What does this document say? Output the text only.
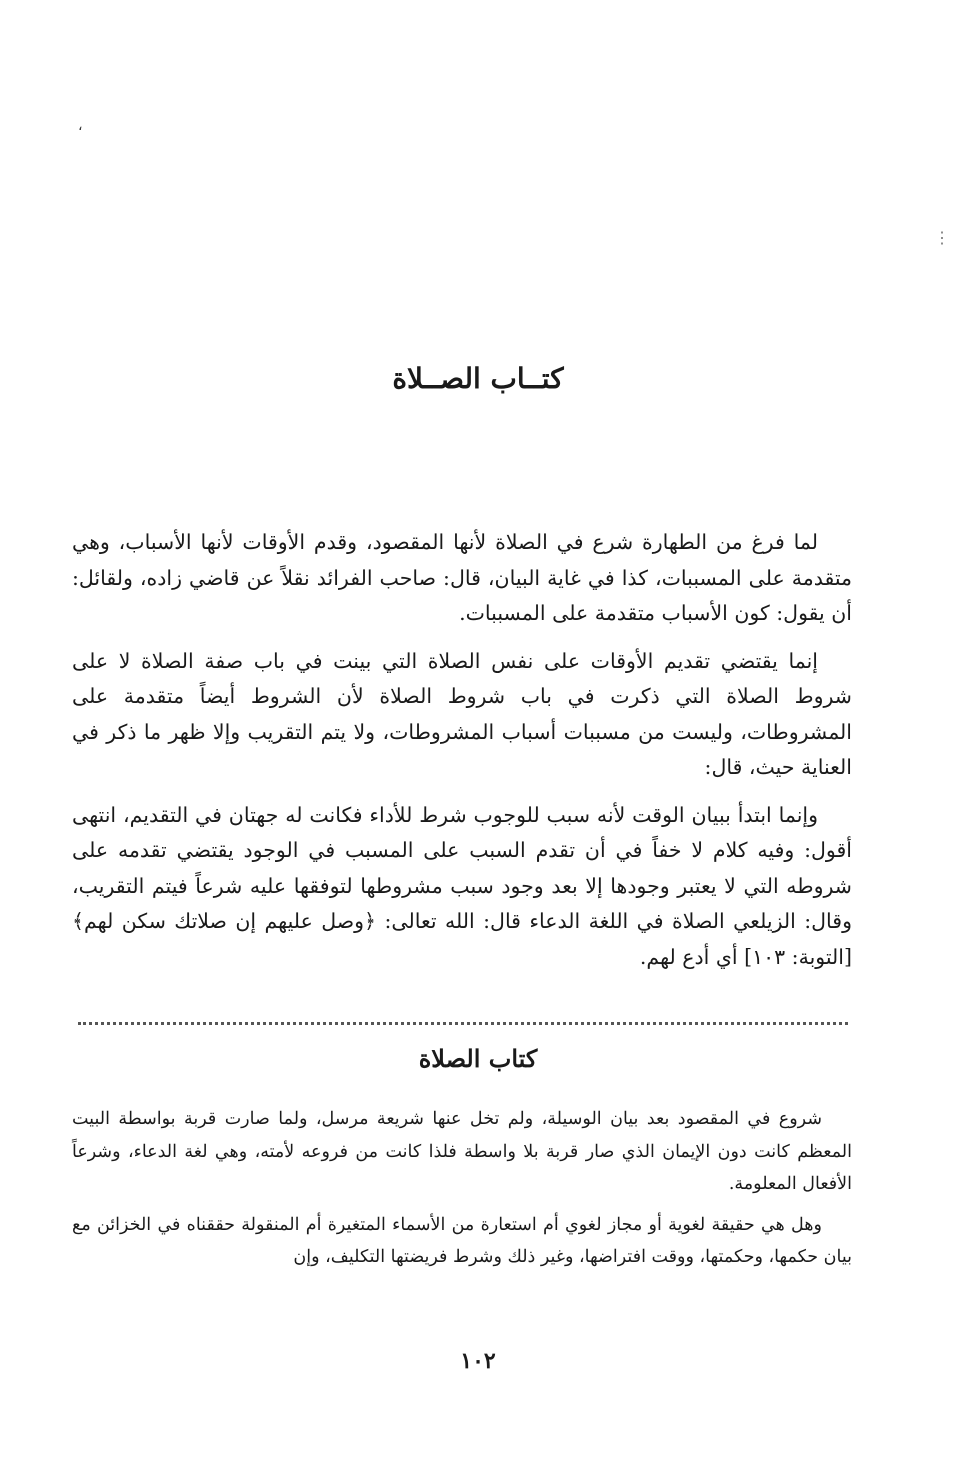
،
⋮
كتــاب الصــلاة

لما فرغ من الطهارة شرع في الصلاة لأنها المقصود، وقدم الأوقات لأنها الأسباب، وهي متقدمة على المسببات، كذا في غاية البيان، قال: صاحب الفرائد نقلاً عن قاضي زاده، ولقائل: أن يقول: كون الأسباب متقدمة على المسببات.

إنما يقتضي تقديم الأوقات على نفس الصلاة التي بينت في باب صفة الصلاة لا على شروط الصلاة التي ذكرت في باب شروط الصلاة لأن الشروط أيضاً متقدمة على المشروطات، وليست من مسببات أسباب المشروطات، ولا يتم التقريب وإلا ظهر ما ذكر في العناية حيث، قال:

وإنما ابتدأ ببيان الوقت لأنه سبب للوجوب شرط للأداء فكانت له جهتان في التقديم، انتهى أقول: وفيه كلام لا خفاً في أن تقدم السبب على المسبب في الوجود يقتضي تقدمه على شروطه التي لا يعتبر وجودها إلا بعد وجود سبب مشروطها لتوفقها عليه شرعاً فيتم التقريب، وقال: الزيلعي الصلاة في اللغة الدعاء قال: الله تعالى: ﴿وصل عليهم إن صلاتك سكن لهم﴾ [التوبة: ١٠٣] أي أدع لهم.

كتاب الصلاة

شروع في المقصود بعد بيان الوسيلة، ولم تخل عنها شريعة مرسل، ولما صارت قربة بواسطة البيت المعظم كانت دون الإيمان الذي صار قربة بلا واسطة فلذا كانت من فروعه لأمته، وهي لغة الدعاء، وشرعاً الأفعال المعلومة.

وهل هي حقيقة لغوية أو مجاز لغوي أم استعارة من الأسماء المتغيرة أم المنقولة حققناه في الخزائن مع بيان حكمها، وحكمتها، ووقت افتراضها، وغير ذلك وشرط فريضتها التكليف، وإن

١٠٢
